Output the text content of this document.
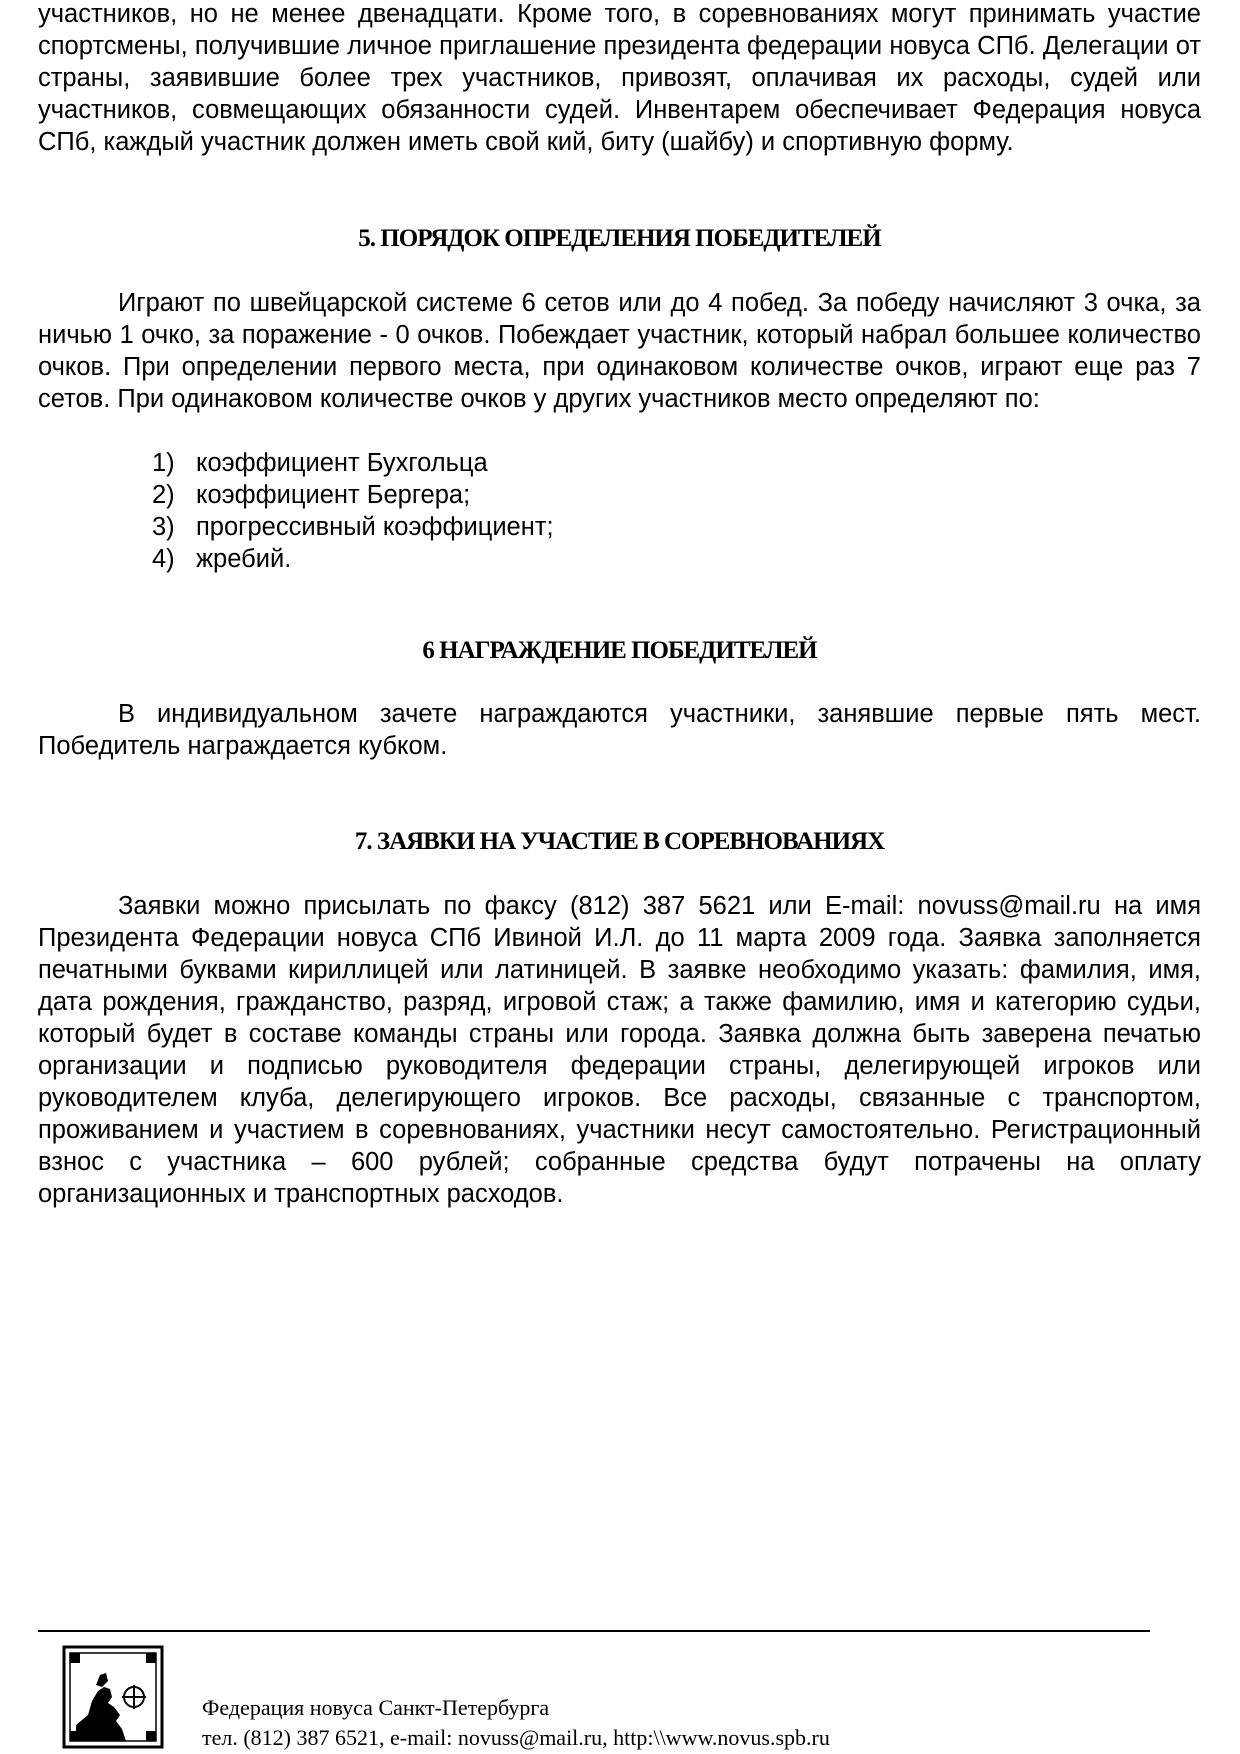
участников, но не менее двенадцати. Кроме того, в соревнованиях могут принимать участие спортсмены, получившие личное приглашение президента федерации новуса СПб. Делегации от страны, заявившие более трех участников, привозят, оплачивая их расходы, судей или участников, совмещающих обязанности судей. Инвентарем обеспечивает Федерация новуса СПб, каждый участник должен иметь свой кий, биту (шайбу) и спортивную форму.

5. ПОРЯДОК ОПРЕДЕЛЕНИЯ ПОБЕДИТЕЛЕЙ

Играют по швейцарской системе 6 сетов или до 4 побед. За победу начисляют 3 очка, за ничью 1 очко, за поражение - 0 очков. Побеждает участник, который набрал большее количество очков. При определении первого места, при одинаковом количестве очков, играют еще раз 7 сетов. При одинаковом количестве очков у других участников место определяют по:

1) коэффициент Бухгольца
2) коэффициент Бергера;
3) прогрессивный коэффициент;
4) жребий.
6 НАГРАЖДЕНИЕ ПОБЕДИТЕЛЕЙ

В индивидуальном зачете награждаются участники, занявшие первые пять мест. Победитель награждается кубком.

7. ЗАЯВКИ НА УЧАСТИЕ В СОРЕВНОВАНИЯХ

Заявки можно присылать по факсу (812) 387 5621 или E-mail: novuss@mail.ru на имя Президента Федерации новуса СПб Ивиной И.Л. до 11 марта 2009 года. Заявка заполняется печатными буквами кириллицей или латиницей. В заявке необходимо указать: фамилия, имя, дата рождения, гражданство, разряд, игровой стаж; а также фамилию, имя и категорию судьи, который будет в составе команды страны или города. Заявка должна быть заверена печатью организации и подписью руководителя федерации страны, делегирующей игроков или руководителем клуба, делегирующего игроков. Все расходы, связанные с транспортом, проживанием и участием в соревнованиях, участники несут самостоятельно. Регистрационный взнос с участника – 600 рублей; собранные средства будут потрачены на оплату организационных и транспортных расходов.

Федерация новуса Санкт-Петербурга
тел. (812) 387 6521, e-mail: novuss@mail.ru, http:\\www.novus.spb.ru
